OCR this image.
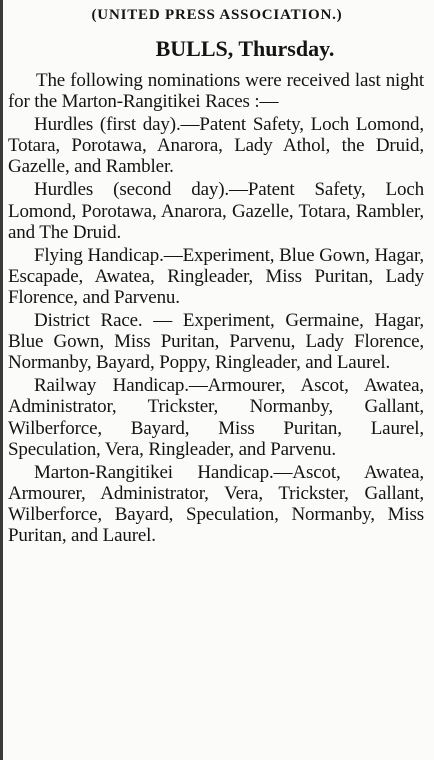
(UNITED PRESS ASSOCIATION.)
BULLS, Thursday.

The following nominations were received last night for the Marton-Rangitikei Races :—

Hurdles (first day).—Patent Safety, Loch Lomond, Totara, Porotawa, Anarora, Lady Athol, the Druid, Gazelle, and Rambler.

Hurdles (second day).—Patent Safety, Loch Lomond, Porotawa, Anarora, Gazelle, Totara, Rambler, and The Druid.

Flying Handicap.—Experiment, Blue Gown, Hagar, Escapade, Awatea, Ringleader, Miss Puritan, Lady Florence, and Parvenu.

District Race. — Experiment, Germaine, Hagar, Blue Gown, Miss Puritan, Parvenu, Lady Florence, Normanby, Bayard, Poppy, Ringleader, and Laurel.

Railway Handicap.—Armourer, Ascot, Awatea, Administrator, Trickster, Normanby, Gallant, Wilberforce, Bayard, Miss Puritan, Laurel, Speculation, Vera, Ringleader, and Parvenu.

Marton-Rangitikei Handicap.—Ascot, Awatea, Armourer, Administrator, Vera, Trickster, Gallant, Wilberforce, Bayard, Speculation, Normanby, Miss Puritan, and Laurel.
